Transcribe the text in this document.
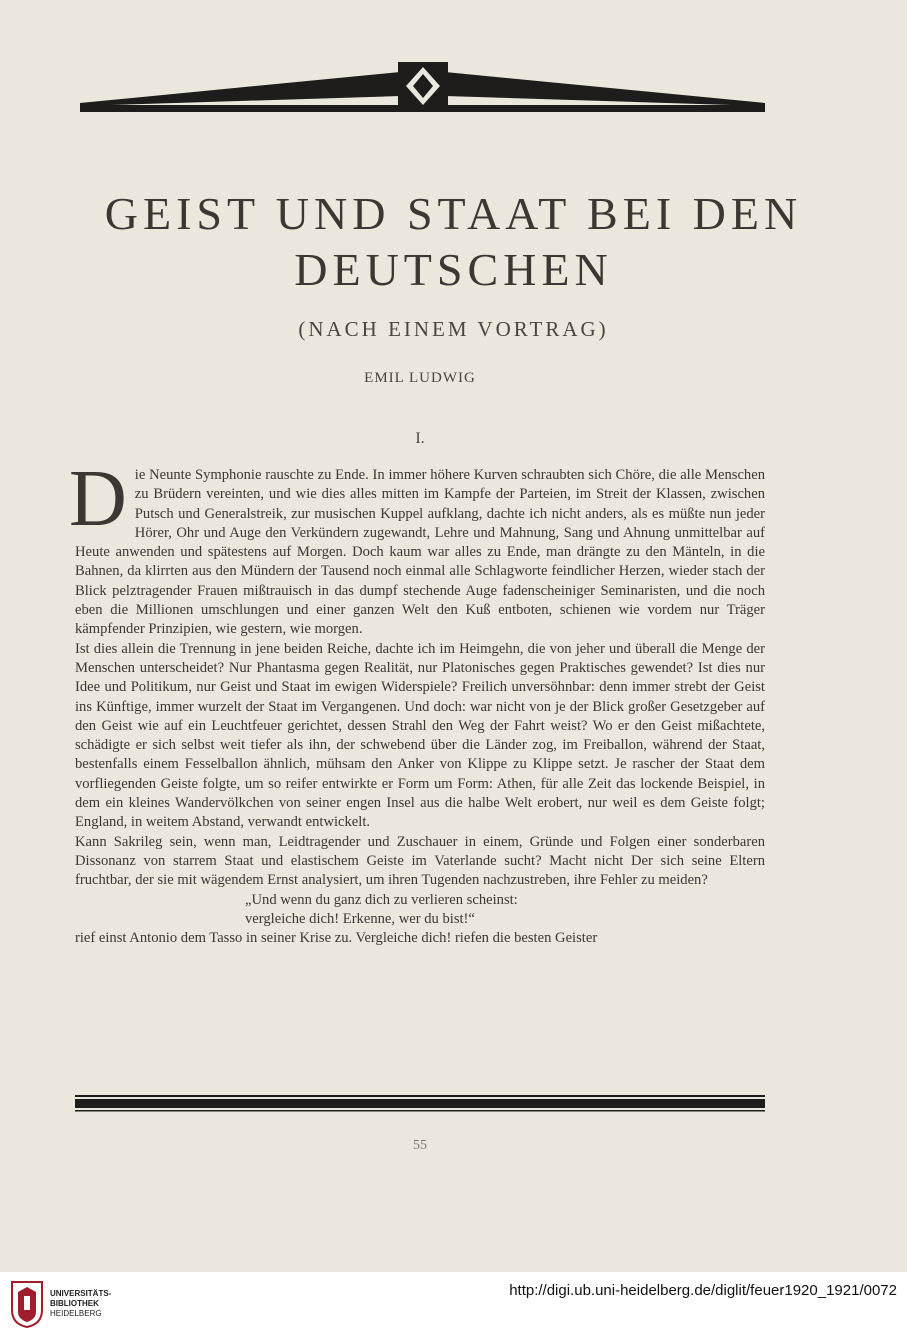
GEIST UND STAAT BEI DEN DEUTSCHEN
(NACH EINEM VORTRAG)
EMIL LUDWIG
I.

Die Neunte Symphonie rauschte zu Ende. In immer höhere Kurven schraubten sich Chöre, die alle Menschen zu Brüdern vereinten, und wie dies alles mitten im Kampfe der Parteien, im Streit der Klassen, zwischen Putsch und Generalstreik, zur musischen Kuppel aufklang, dachte ich nicht anders, als es müßte nun jeder Hörer, Ohr und Auge den Verkündern zugewandt, Lehre und Mahnung, Sang und Ahnung unmittelbar auf Heute anwenden und spätestens auf Morgen. Doch kaum war alles zu Ende, man drängte zu den Mänteln, in die Bahnen, da klirrten aus den Mündern der Tausend noch einmal alle Schlagworte feindlicher Herzen, wieder stach der Blick pelztragender Frauen mißtrauisch in das dumpf stechende Auge fadenscheiniger Seminaristen, und die noch eben die Millionen umschlungen und einer ganzen Welt den Kuß entboten, schienen wie vordem nur Träger kämpfender Prinzipien, wie gestern, wie morgen.

Ist dies allein die Trennung in jene beiden Reiche, dachte ich im Heimgehn, die von jeher und überall die Menge der Menschen unterscheidet? Nur Phantasma gegen Realität, nur Platonisches gegen Praktisches gewendet? Ist dies nur Idee und Politikum, nur Geist und Staat im ewigen Widerspiele? Freilich unversöhnbar: denn immer strebt der Geist ins Künftige, immer wurzelt der Staat im Vergangenen. Und doch: war nicht von je der Blick großer Gesetzgeber auf den Geist wie auf ein Leuchtfeuer gerichtet, dessen Strahl den Weg der Fahrt weist? Wo er den Geist mißachtete, schädigte er sich selbst weit tiefer als ihn, der schwebend über die Länder zog, im Freiballon, während der Staat, bestenfalls einem Fesselballon ähnlich, mühsam den Anker von Klippe zu Klippe setzt. Je rascher der Staat dem vorfliegenden Geiste folgte, um so reifer entwirkte er Form um Form: Athen, für alle Zeit das lockende Beispiel, in dem ein kleines Wandervölkchen von seiner engen Insel aus die halbe Welt erobert, nur weil es dem Geiste folgt; England, in weitem Abstand, verwandt entwickelt.

Kann Sakrileg sein, wenn man, Leidtragender und Zuschauer in einem, Gründe und Folgen einer sonderbaren Dissonanz von starrem Staat und elastischem Geiste im Vaterlande sucht? Macht nicht Der sich seine Eltern fruchtbar, der sie mit wägendem Ernst analysiert, um ihren Tugenden nachzustreben, ihre Fehler zu meiden?

„Und wenn du ganz dich zu verlieren scheinst:

vergleiche dich! Erkenne, wer du bist!“

rief einst Antonio dem Tasso in seiner Krise zu. Vergleiche dich! riefen die besten Geister

55
UNIVERSITÄTS-
BIBLIOTHEK
HEIDELBERG
http://digi.ub.uni-heidelberg.de/diglit/feuer1920_1921/0072
